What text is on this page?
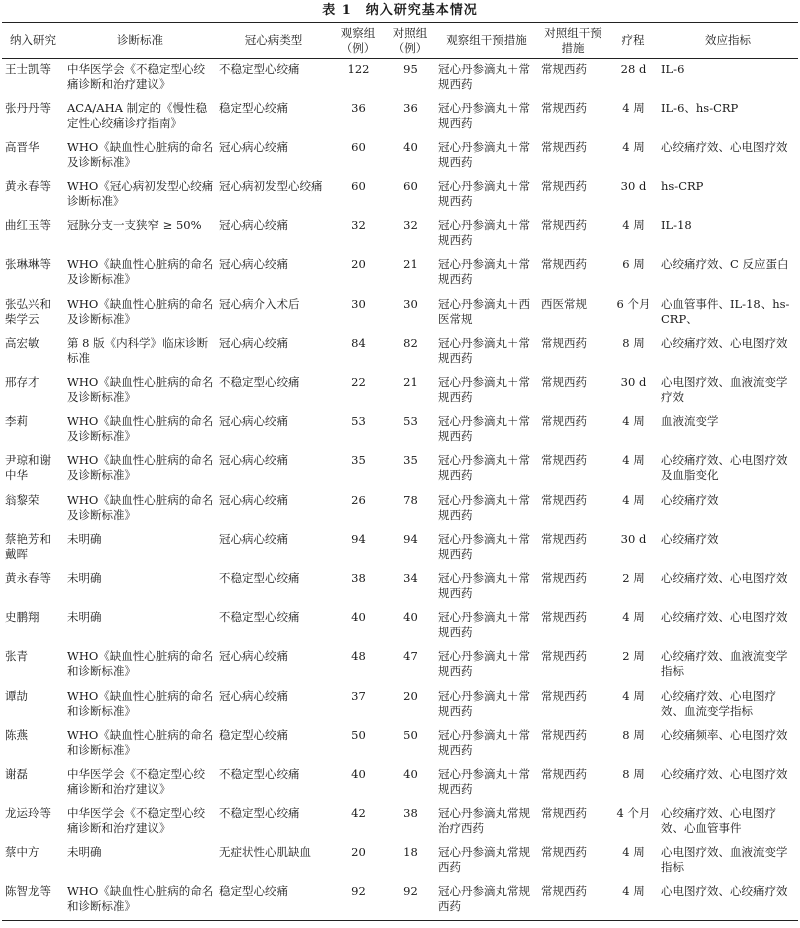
表 1　纳入研究基本情况
纳入研究	诊断标准	冠心病类型	观察组（例）	对照组（例）	观察组干预措施	对照组干预措施	疗程	效应指标
王士凯等	中华医学会《不稳定型心绞痛诊断和治疗建议》	不稳定型心绞痛	122	95	冠心丹参滴丸＋常规西药	常规西药	28 d	IL-6
张丹丹等	ACA/AHA 制定的《慢性稳定性心绞痛诊疗指南》	稳定型心绞痛	36	36	冠心丹参滴丸＋常规西药	常规西药	4 周	IL-6、hs-CRP
高晋华	WHO《缺血性心脏病的命名及诊断标准》	冠心病心绞痛	60	40	冠心丹参滴丸＋常规西药	常规西药	4 周	心绞痛疗效、心电图疗效
黄永春等	WHO《冠心病初发型心绞痛诊断标准》	冠心病初发型心绞痛	60	60	冠心丹参滴丸＋常规西药	常规西药	30 d	hs-CRP
曲红玉等	冠脉分支一支狭窄 ≥ 50%	冠心病心绞痛	32	32	冠心丹参滴丸＋常规西药	常规西药	4 周	IL-18
张琳琳等	WHO《缺血性心脏病的命名及诊断标准》	冠心病心绞痛	20	21	冠心丹参滴丸＋常规西药	常规西药	6 周	心绞痛疗效、C 反应蛋白
张弘兴和柴学云	WHO《缺血性心脏病的命名及诊断标准》	冠心病介入术后	30	30	冠心丹参滴丸＋西医常规	西医常规	6 个月	心血管事件、IL-18、hs-CRP、
高宏敏	第 8 版《内科学》临床诊断标准	冠心病心绞痛	84	82	冠心丹参滴丸＋常规西药	常规西药	8 周	心绞痛疗效、心电图疗效
邢存才	WHO《缺血性心脏病的命名及诊断标准》	不稳定型心绞痛	22	21	冠心丹参滴丸＋常规西药	常规西药	30 d	心电图疗效、血液流变学疗效
李莉	WHO《缺血性心脏病的命名及诊断标准》	冠心病心绞痛	53	53	冠心丹参滴丸＋常规西药	常规西药	4 周	血液流变学
尹琼和谢中华	WHO《缺血性心脏病的命名及诊断标准》	冠心病心绞痛	35	35	冠心丹参滴丸＋常规西药	常规西药	4 周	心绞痛疗效、心电图疗效及血脂变化
翁黎荣	WHO《缺血性心脏病的命名及诊断标准》	冠心病心绞痛	26	78	冠心丹参滴丸＋常规西药	常规西药	4 周	心绞痛疗效
蔡艳芳和戴晖	未明确	冠心病心绞痛	94	94	冠心丹参滴丸＋常规西药	常规西药	30 d	心绞痛疗效
黄永春等	未明确	不稳定型心绞痛	38	34	冠心丹参滴丸＋常规西药	常规西药	2 周	心绞痛疗效、心电图疗效
史鹏翔	未明确	不稳定型心绞痛	40	40	冠心丹参滴丸＋常规西药	常规西药	4 周	心绞痛疗效、心电图疗效
张青	WHO《缺血性心脏病的命名和诊断标准》	冠心病心绞痛	48	47	冠心丹参滴丸＋常规西药	常规西药	2 周	心绞痛疗效、血液流变学指标
谭劼	WHO《缺血性心脏病的命名和诊断标准》	冠心病心绞痛	37	20	冠心丹参滴丸＋常规西药	常规西药	4 周	心绞痛疗效、心电图疗效、血流变学指标
陈燕	WHO《缺血性心脏病的命名和诊断标准》	稳定型心绞痛	50	50	冠心丹参滴丸＋常规西药	常规西药	8 周	心绞痛频率、心电图疗效
谢磊	中华医学会《不稳定型心绞痛诊断和治疗建议》	不稳定型心绞痛	40	40	冠心丹参滴丸＋常规西药	常规西药	8 周	心绞痛疗效、心电图疗效
龙运玲等	中华医学会《不稳定型心绞痛诊断和治疗建议》	不稳定型心绞痛	42	38	冠心丹参滴丸常规治疗西药	常规西药	4 个月	心绞痛疗效、心电图疗效、心血管事件
蔡中方	未明确	无症状性心肌缺血	20	18	冠心丹参滴丸常规西药	常规西药	4 周	心电图疗效、血液流变学指标
陈智龙等	WHO《缺血性心脏病的命名和诊断标准》	稳定型心绞痛	92	92	冠心丹参滴丸常规西药	常规西药	4 周	心电图疗效、心绞痛疗效
